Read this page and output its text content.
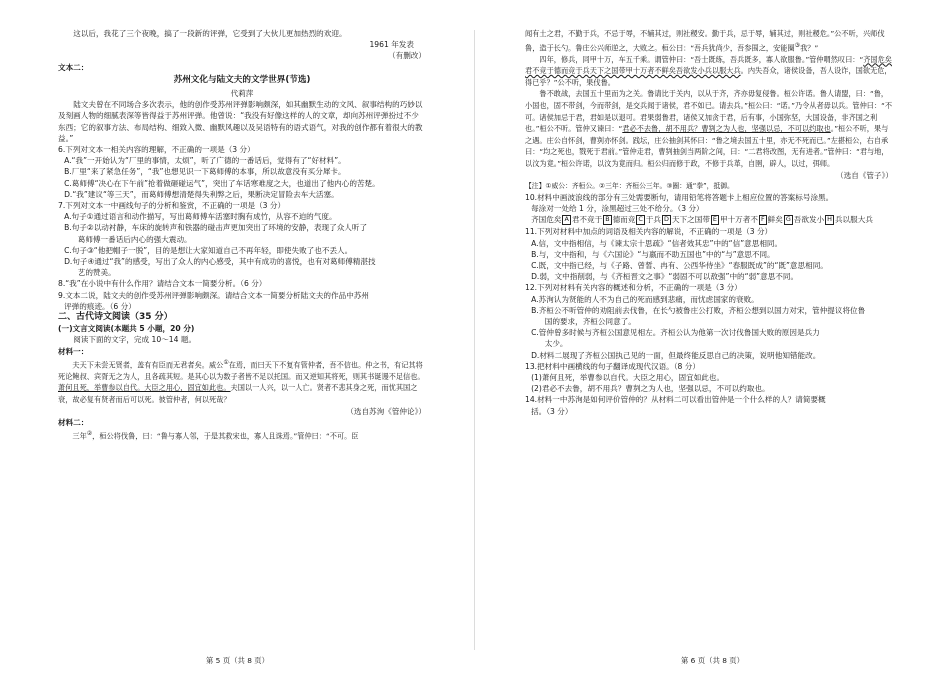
这以后，我花了三个夜晚，搞了一段新的评弹，它受到了大伙儿更加热烈的欢迎。

1961 年发表

（有删改）

文本二：

苏州文化与陆文夫的文学世界(节选)

代莉萍

陆文夫曾在不同场合多次表示，他的创作受苏州评弹影响颇深，如其幽默生动的文风、叙事结构的巧妙以及刻画人物的细腻表深等皆得益于苏州评弹。他曾说：“我没有好像这样的人的文章，却向苏州评弹扮过不少东西；它的叙事方法、布局结构、细致入微、幽默风趣以及吴语特有的语式语气，对我的创作都有着很大的教益。”

6.下列对文本一相关内容的理解，不正确的一项是（3 分）

A.“我”一开始认为“厂里的事情，太烦”，听了广德的一番话后，觉得有了“好材料”。

B.厂里“来了紧急任务”，“我”也想见识一下葛师傅的本事，所以故意没有买分犀卡。

C.葛师傅“决心在下午前”抢着做砸碰运气”，突出了车话寒难度之大，也道出了他内心的苦楚。

D.“我”建议“等三天”，而葛师傅想清楚得失利弊之后，果断决定冒险去车大活塞。

7.下列对文本一中画线句子的分析和鉴赏，不正确的一项是（3 分）

A.句子①通过语言和动作描写，写出葛师傅车活塞时胸有成竹，从容不迫的气度。

B.句子②以动衬静，车床的旋转声和铁器的碰击声更加突出了环境的安静，表现了众人听了

葛师傅一番话后内心的强大震动。

C.句子③“他把帽子一脱”，目的是想让大家知道自己不再年轻，即使失败了也不丢人。

D.句子④通过“我”的感受，写出了众人的内心感受，其中有成功的喜悦，也有对葛师傅精湛技

艺的赞美。

8.“我”在小说中有什么作用？请结合文本一简要分析。（6 分）

9.文本二说，陆文夫的创作受苏州评弹影响颇深。请结合文本一简要分析陆文夫的作品中苏州

评弹的痕迹。（6 分）

二、古代诗文阅读（35 分）

(一)文言文阅读(本题共 5 小题，20 分)

阅读下面的文字，完成 10～14 题。

材料一：

夫天下未尝无贤者，盖有有臣而无君者矣。威公①在焉，而曰天下不复有管仲者，吾不信也。仲之书，有记其将死论鲍叔、宾胥无之为人，且各疏其短。是其心以为数子者皆不足以托国。而又逆知其将死，则其书诞谩不足信也。萧何且死，举曹参以自代。大臣之用心，固宜如此也。夫国以一人兴，以一人亡。贤者不悲其身之死，而忧其国之衰，故必复有贤者而后可以死。彼管仲者，何以死哉？

（选自苏洵《管仲论》）

材料二：

三年②，桓公将伐鲁，曰：“鲁与寡人邻，于是其救宋也，寡人且诛焉。”管仲曰：“不可。臣

第 5 页（共 8 页）

闻有土之君，不勤于兵，不忌于辱，不辅其过，则社稷安。勤于兵，忌于辱，辅其过，则社稷危。”公不听，兴师伐鲁，造于长勺。鲁庄公兴师逆之，大败之。桓公曰：“吾兵犹尚少，吾参围之，安能圈③我？”

四年，修兵，同甲十万，车五千乘。谓管仲曰：“吾士既练，吾兵既多，寡人欲服鲁。”管仲喟然叹曰：“齐国危矣君不竞于德而竞于兵天下之国带甲十万者不鲜矣吾欲发小兵以服大兵。内失吾众，诸侯设备，吾人设诈，国欲无危，得已乎？”公不听，果伐鲁。

鲁不敢战，去国五十里而为之关。鲁请比于关内，以从于齐，齐亦毋复侵鲁。桓公许诺。鲁人请盟，曰：“鲁，小国也，固不带剑，今而带剑，是交兵闻于诸侯，君不如已。请去兵。”桓公曰：“诺。”乃令从者毋以兵。管仲曰：“不可。诸侯加忌于君，君如是以退可。君果弱鲁君，诸侯又加贪于君，后有事，小国弥坚，大国设备，非齐国之利也。”桓公不听。管仲又谏曰：“君必不去鲁，胡不用兵？曹刿之为人也，坚强以忌，不可以约取也。”桓公不听，果与之遇。庄公自怀剑，曹刿亦怀剑。践坛，庄公抽剑其怀曰：“鲁之境去国五十里，亦无不死而已。”左揕桓公，右自承曰：“均之死也，戮死于君前。”管仲走君，曹刿抽剑当两阶之间，曰：“二君将改图，无有进者。”管仲曰：“君与地，以汶为竟。”桓公许诺，以汶为竟而归。桓公归而修于政，不修于兵革，自圉，辟人，以过，弭师。

（选自《管子》）

【注】①威公：齐桓公。②三年：齐桓公三年。③圈：通“拳”，抵御。

10.材料中画波浪线的部分有三处需要断句，请用铅笔将答题卡上相应位置的答案标号涂黑。

每涂对一处给 1 分，涂黑超过三处不给分。（3 分）

齐国危矣 A 君不竞于 B 德而竞 C 于兵 D 天下之国带 E 甲十万者不 F 鲜矣 G 吾欲发小 H 兵以服大兵

11.下列对材料中加点的词语及相关内容的解说，不正确的一项是（3 分）

A.信，文中指相信，与《谏太宗十思疏》“信者效其忠”中的“信”意思相同。

B.与，文中指和，与《六国论》“与嬴而不助五国也”中的“与”意思不同。

C.既，文中指已经，与《子路、曾皙、冉有、公西华侍坐》“春服既成”的“既”意思相同。

D.弱，文中指削弱，与《齐桓晋文之事》“弱固不可以敌强”中的“弱”意思不同。

12.下列对材料有关内容的概述和分析，不正确的一项是（3 分）

A.苏洵认为贤能的人不为自己的死而感到悲痛，而忧虑国家的衰败。

B.齐桓公不听管仲的劝阻前去伐鲁，在长勺被鲁庄公打败，齐桓公想到以国力对宋，管仲提议将位鲁

国的要求，齐桓公同意了。

C.管仲曾多时候与齐桓公国意见相左。齐桓公认为他第一次讨伐鲁国大败的原因是兵力

太少。

D.材料二展现了齐桓公国执己见的一面，但最终能反思自己的决策，说明他知错能改。

13.把材料中画横线的句子翻译成现代汉语。（8 分）

(1)萧何且死，举曹参以自代。大臣之用心，固宜如此也。

(2)君必不去鲁，胡不用兵？曹刿之为人也，坚强以忌，不可以约取也。

14.材料一中苏洵是如何评价管仲的？从材料二可以看出管仲是一个什么样的人？请简要概

括。（3 分）

第 6 页（共 8 页）
